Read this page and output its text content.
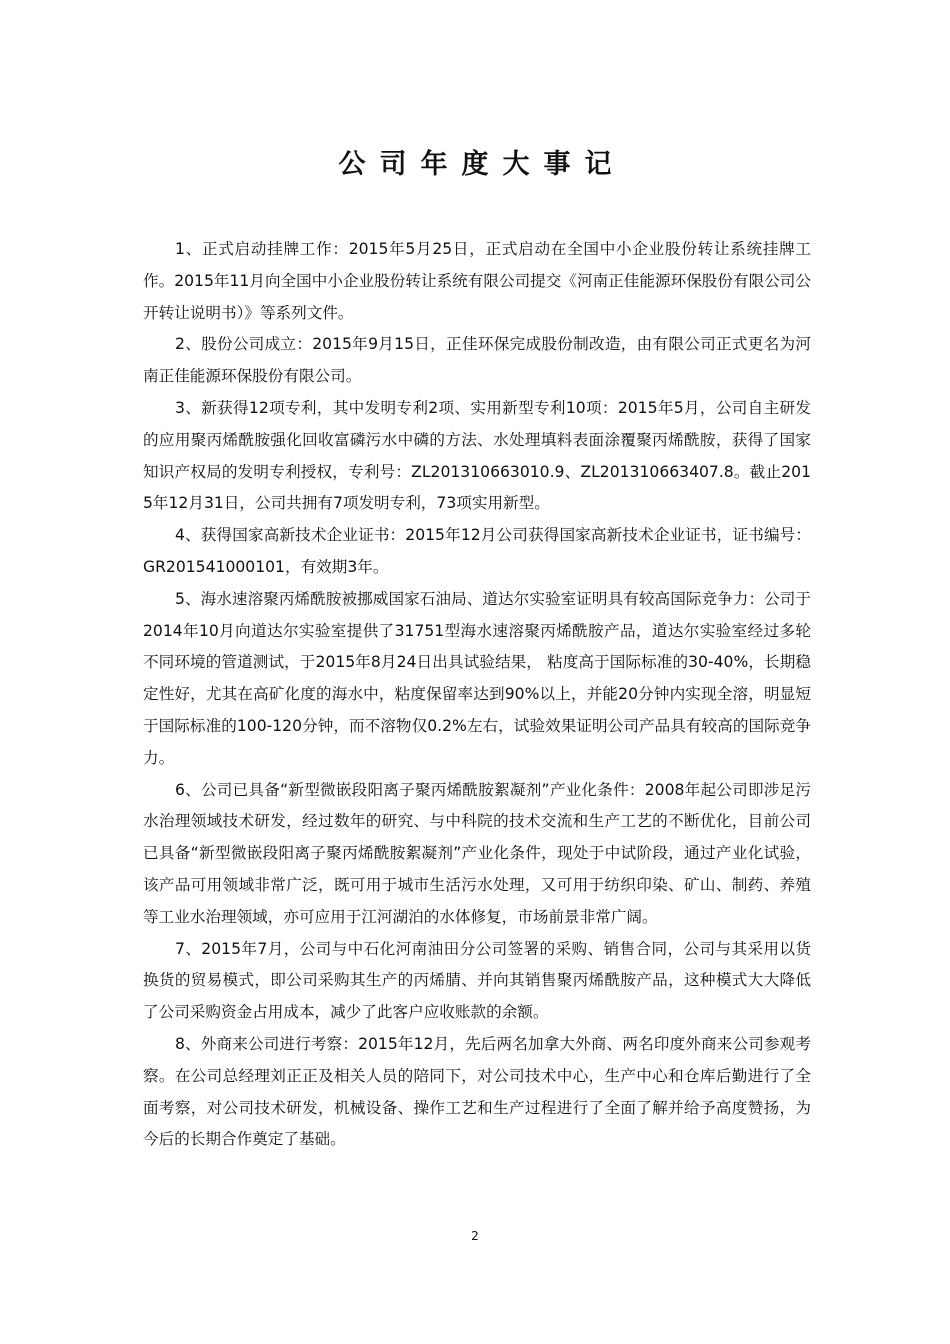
公司年度大事记

1、正式启动挂牌工作：2015年5月25日，正式启动在全国中小企业股份转让系统挂牌工作。2015年11月向全国中小企业股份转让系统有限公司提交《河南正佳能源环保股份有限公司公开转让说明书）》等系列文件。

2、股份公司成立：2015年9月15日，正佳环保完成股份制改造，由有限公司正式更名为河南正佳能源环保股份有限公司。

3、新获得12项专利，其中发明专利2项、实用新型专利10项：2015年5月，公司自主研发的应用聚丙烯酰胺强化回收富磷污水中磷的方法、水处理填料表面涂覆聚丙烯酰胺，获得了国家知识产权局的发明专利授权，专利号：ZL201310663010.9、ZL201310663407.8。截止2015年12月31日，公司共拥有7项发明专利，73项实用新型。

4、获得国家高新技术企业证书：2015年12月公司获得国家高新技术企业证书，证书编号：GR201541000101，有效期3年。

5、海水速溶聚丙烯酰胺被挪威国家石油局、道达尔实验室证明具有较高国际竞争力：公司于2014年10月向道达尔实验室提供了31751型海水速溶聚丙烯酰胺产品，道达尔实验室经过多轮不同环境的管道测试，于2015年8月24日出具试验结果， 粘度高于国际标准的30-40%，长期稳定性好，尤其在高矿化度的海水中，粘度保留率达到90%以上，并能20分钟内实现全溶，明显短于国际标准的100-120分钟，而不溶物仅0.2%左右，试验效果证明公司产品具有较高的国际竞争力。

6、公司已具备“新型微嵌段阳离子聚丙烯酰胺絮凝剂”产业化条件：2008年起公司即涉足污水治理领域技术研发，经过数年的研究、与中科院的技术交流和生产工艺的不断优化，目前公司已具备“新型微嵌段阳离子聚丙烯酰胺絮凝剂”产业化条件，现处于中试阶段，通过产业化试验，该产品可用领域非常广泛，既可用于城市生活污水处理，又可用于纺织印染、矿山、制药、养殖等工业水治理领域，亦可应用于江河湖泊的水体修复，市场前景非常广阔。

7、2015年7月，公司与中石化河南油田分公司签署的采购、销售合同，公司与其采用以货换货的贸易模式，即公司采购其生产的丙烯腈、并向其销售聚丙烯酰胺产品，这种模式大大降低了公司采购资金占用成本，减少了此客户应收账款的余额。

8、外商来公司进行考察：2015年12月，先后两名加拿大外商、两名印度外商来公司参观考察。在公司总经理刘正正及相关人员的陪同下，对公司技术中心，生产中心和仓库后勤进行了全面考察，对公司技术研发，机械设备、操作工艺和生产过程进行了全面了解并给予高度赞扬，为今后的长期合作奠定了基础。

2
